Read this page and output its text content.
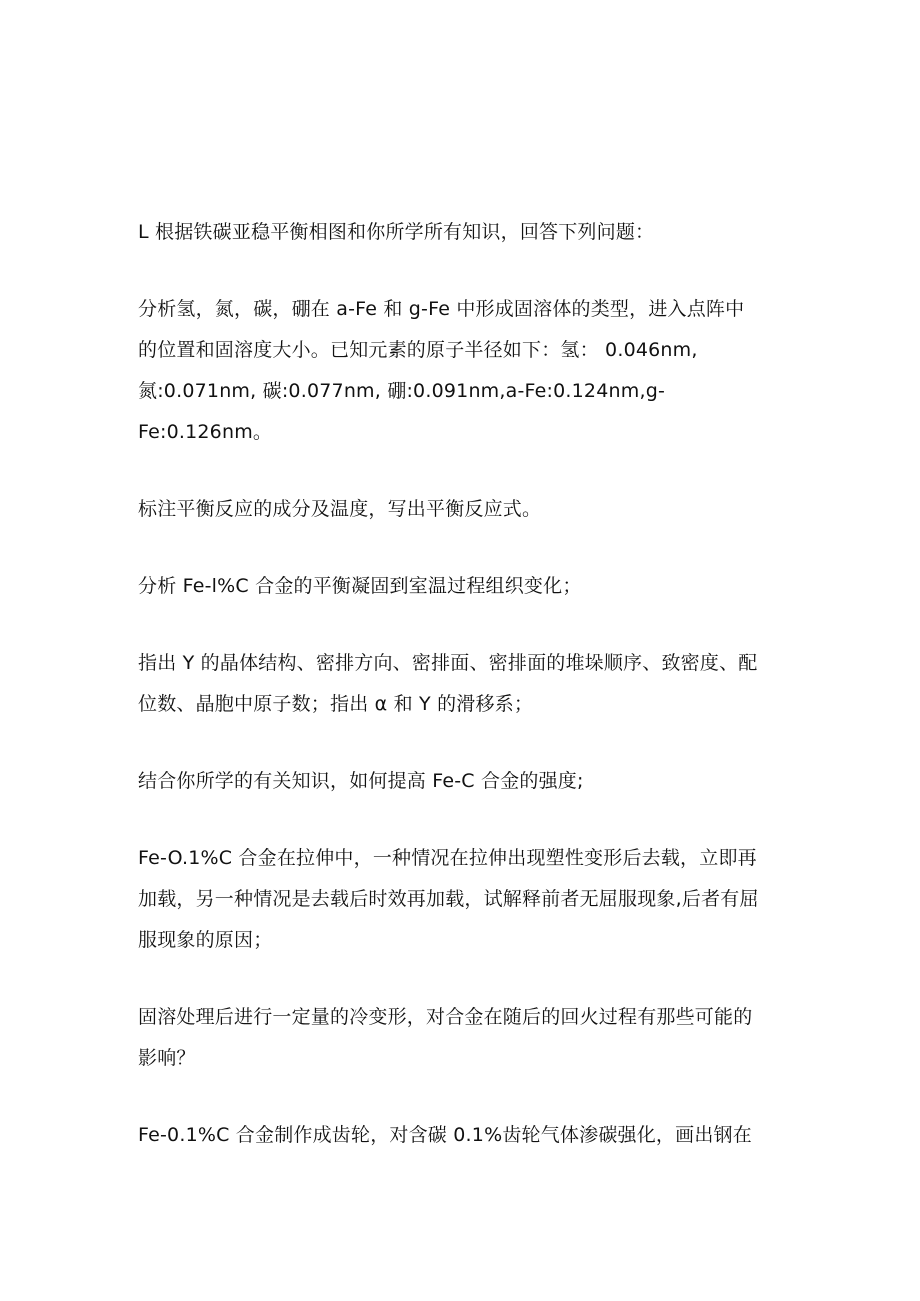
L 根据铁碳亚稳平衡相图和你所学所有知识，回答下列问题：

分析氢，氮，碳，硼在 a-Fe 和 g-Fe 中形成固溶体的类型，进入点阵中
的位置和固溶度大小。已知元素的原子半径如下：氢： 0.046nm,
氮:0.071nm, 碳:0.077nm, 硼:0.091nm,a-Fe:0.124nm,g-
Fe:0.126nm。

标注平衡反应的成分及温度，写出平衡反应式。

分析 Fe-l%C 合金的平衡凝固到室温过程组织变化；

指出 Y 的晶体结构、密排方向、密排面、密排面的堆垛顺序、致密度、配
位数、晶胞中原子数；指出 α 和 Y 的滑移系；

结合你所学的有关知识，如何提高 Fe-C 合金的强度;

Fe-O.1%C 合金在拉伸中，一种情况在拉伸出现塑性变形后去载，立即再
加载，另一种情况是去载后时效再加载，试解释前者无屈服现象,后者有屈
服现象的原因；

固溶处理后进行一定量的冷变形，对合金在随后的回火过程有那些可能的
影响？

Fe-0.1%C 合金制作成齿轮，对含碳 0.1%齿轮气体渗碳强化，画出钢在
